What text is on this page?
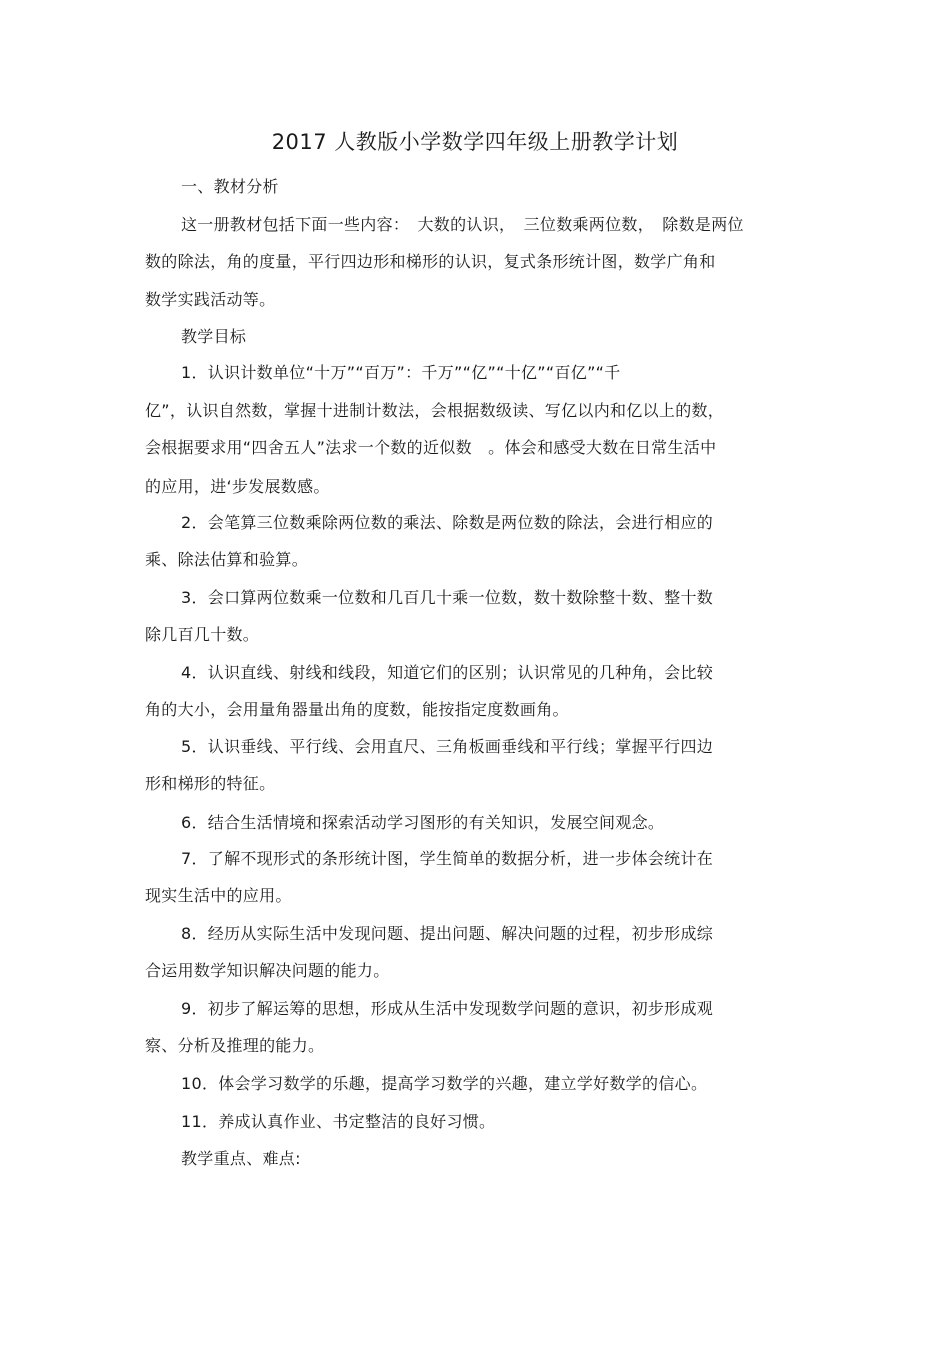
2017 人教版小学数学四年级上册教学计划
一、教材分析
这一册教材包括下面一些内容：　大数的认识，　三位数乘两位数，　除数是两位
数的除法，角的度量，平行四边形和梯形的认识，复式条形统计图，数学广角和
数学实践活动等。
教学目标
1．认识计数单位“十万”“百万”：千万”“亿”“十亿”“百亿”“千
亿”，认识自然数，掌握十进制计数法，会根据数级读、写亿以内和亿以上的数，
会根据要求用“四舍五人”法求一个数的近似数　。体会和感受大数在日常生活中
的应用，进‘步发展数感。
2．会笔算三位数乘除两位数的乘法、除数是两位数的除法，会进行相应的
乘、除法估算和验算。
3．会口算两位数乘一位数和几百几十乘一位数，数十数除整十数、整十数
除几百几十数。
4．认识直线、射线和线段，知道它们的区别；认识常见的几种角，会比较
角的大小，会用量角器量出角的度数，能按指定度数画角。
5．认识垂线、平行线、会用直尺、三角板画垂线和平行线；掌握平行四边
形和梯形的特征。
6．结合生活情境和探索活动学习图形的有关知识，发展空间观念。
7．了解不现形式的条形统计图，学生简单的数据分析，进一步体会统计在
现实生活中的应用。
8．经历从实际生活中发现问题、提出问题、解决问题的过程，初步形成综
合运用数学知识解决问题的能力。
9．初步了解运筹的思想，形成从生活中发现数学问题的意识，初步形成观
察、分析及推理的能力。
10．体会学习数学的乐趣，提高学习数学的兴趣，建立学好数学的信心。
11．养成认真作业、书定整洁的良好习惯。
教学重点、难点:
